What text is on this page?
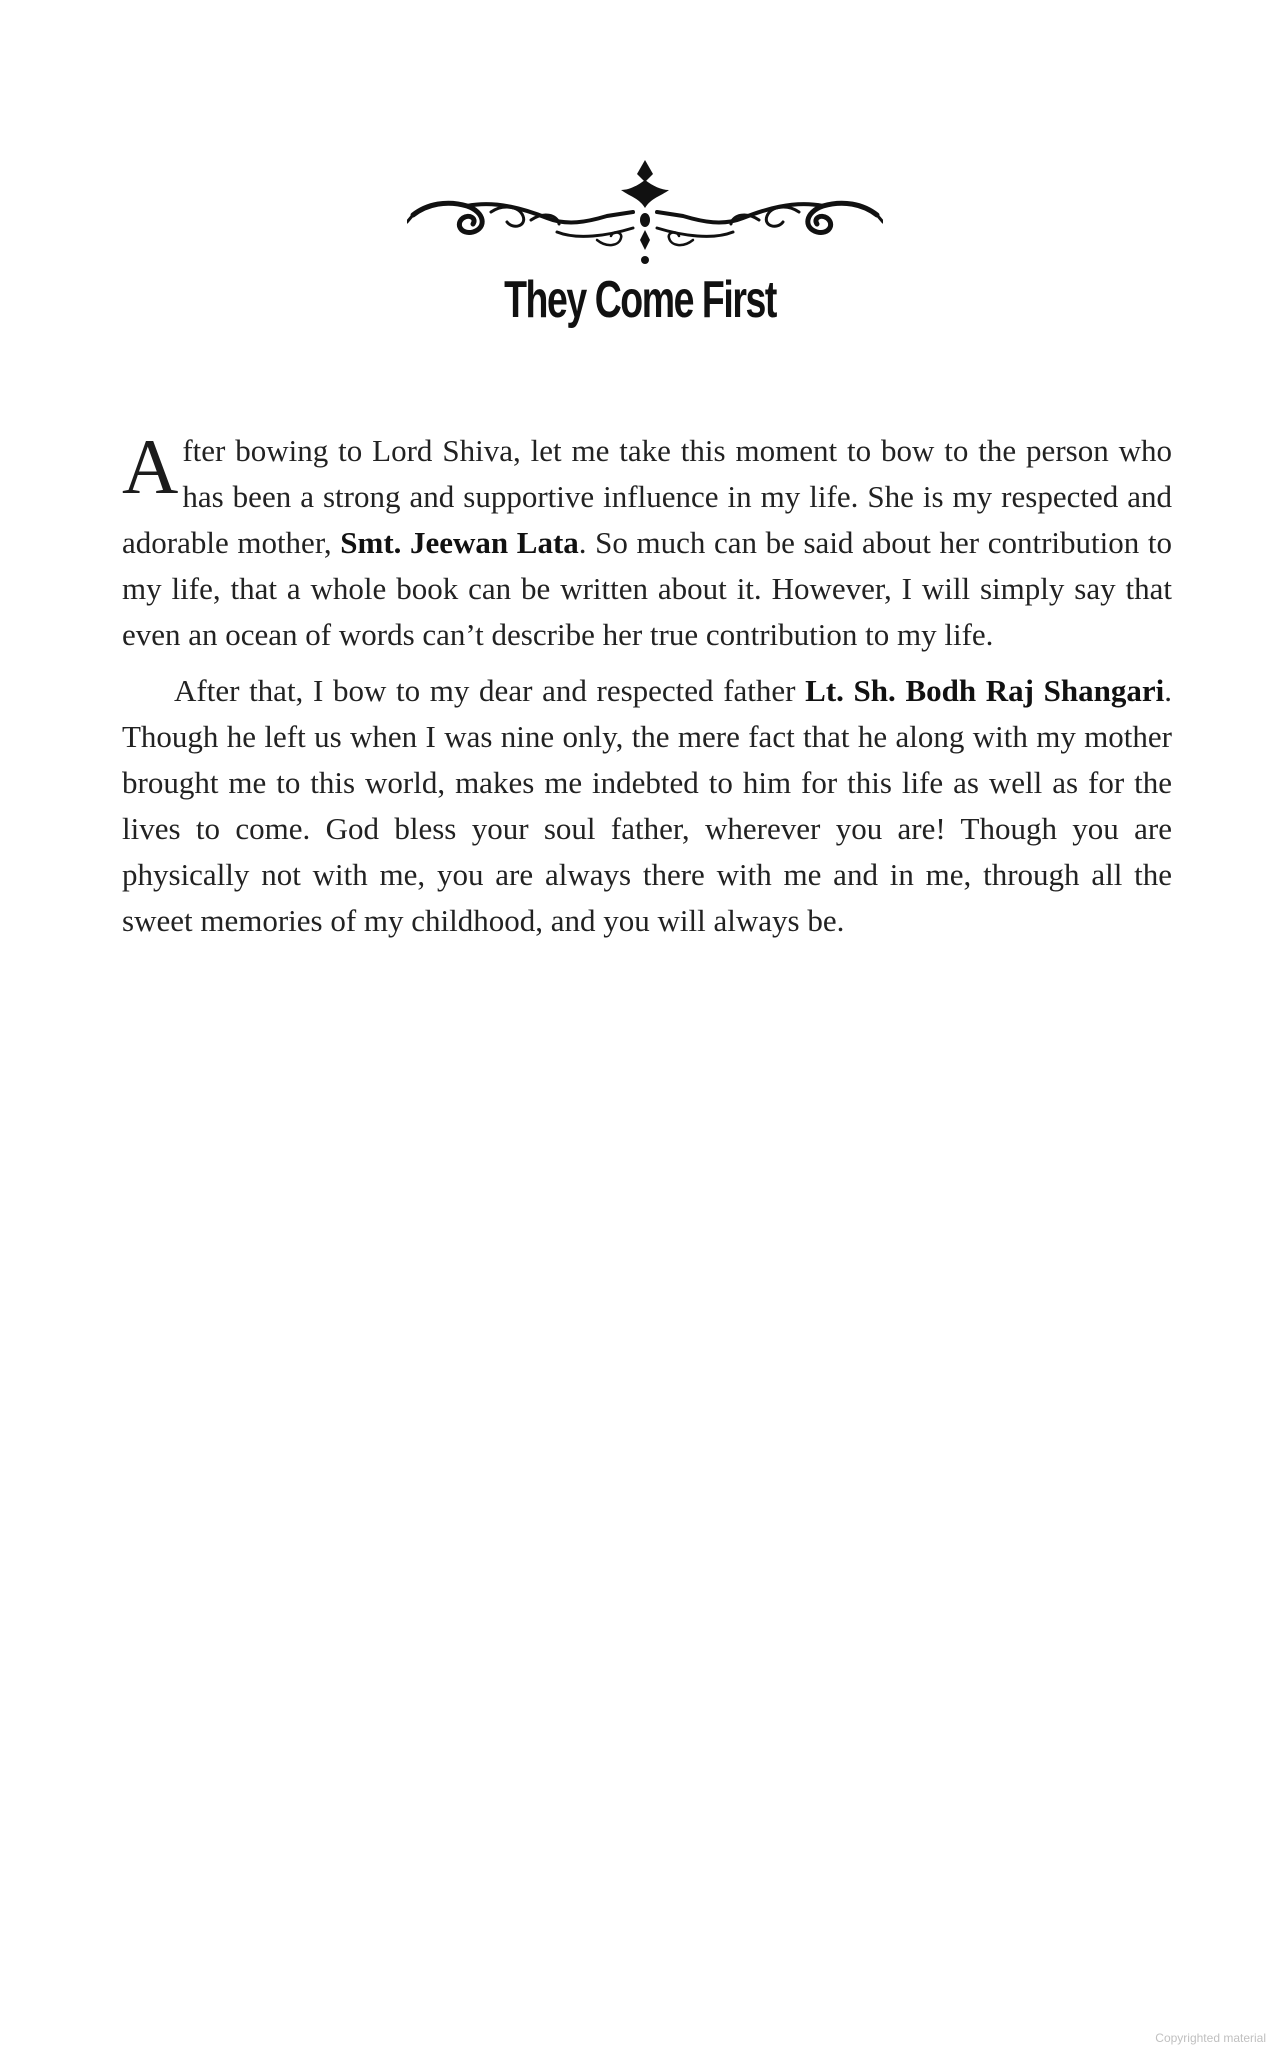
They Come First

After bowing to Lord Shiva, let me take this moment to bow to the person who has been a strong and supportive influence in my life. She is my respected and adorable mother, Smt. Jeewan Lata. So much can be said about her contribution to my life, that a whole book can be written about it. However, I will simply say that even an ocean of words can’t describe her true contribution to my life.

After that, I bow to my dear and respected father Lt. Sh. Bodh Raj Shangari. Though he left us when I was nine only, the mere fact that he along with my mother brought me to this world, makes me indebted to him for this life as well as for the lives to come. God bless your soul father, wherever you are! Though you are physically not with me, you are always there with me and in me, through all the sweet memories of my childhood, and you will always be.

Copyrighted material
